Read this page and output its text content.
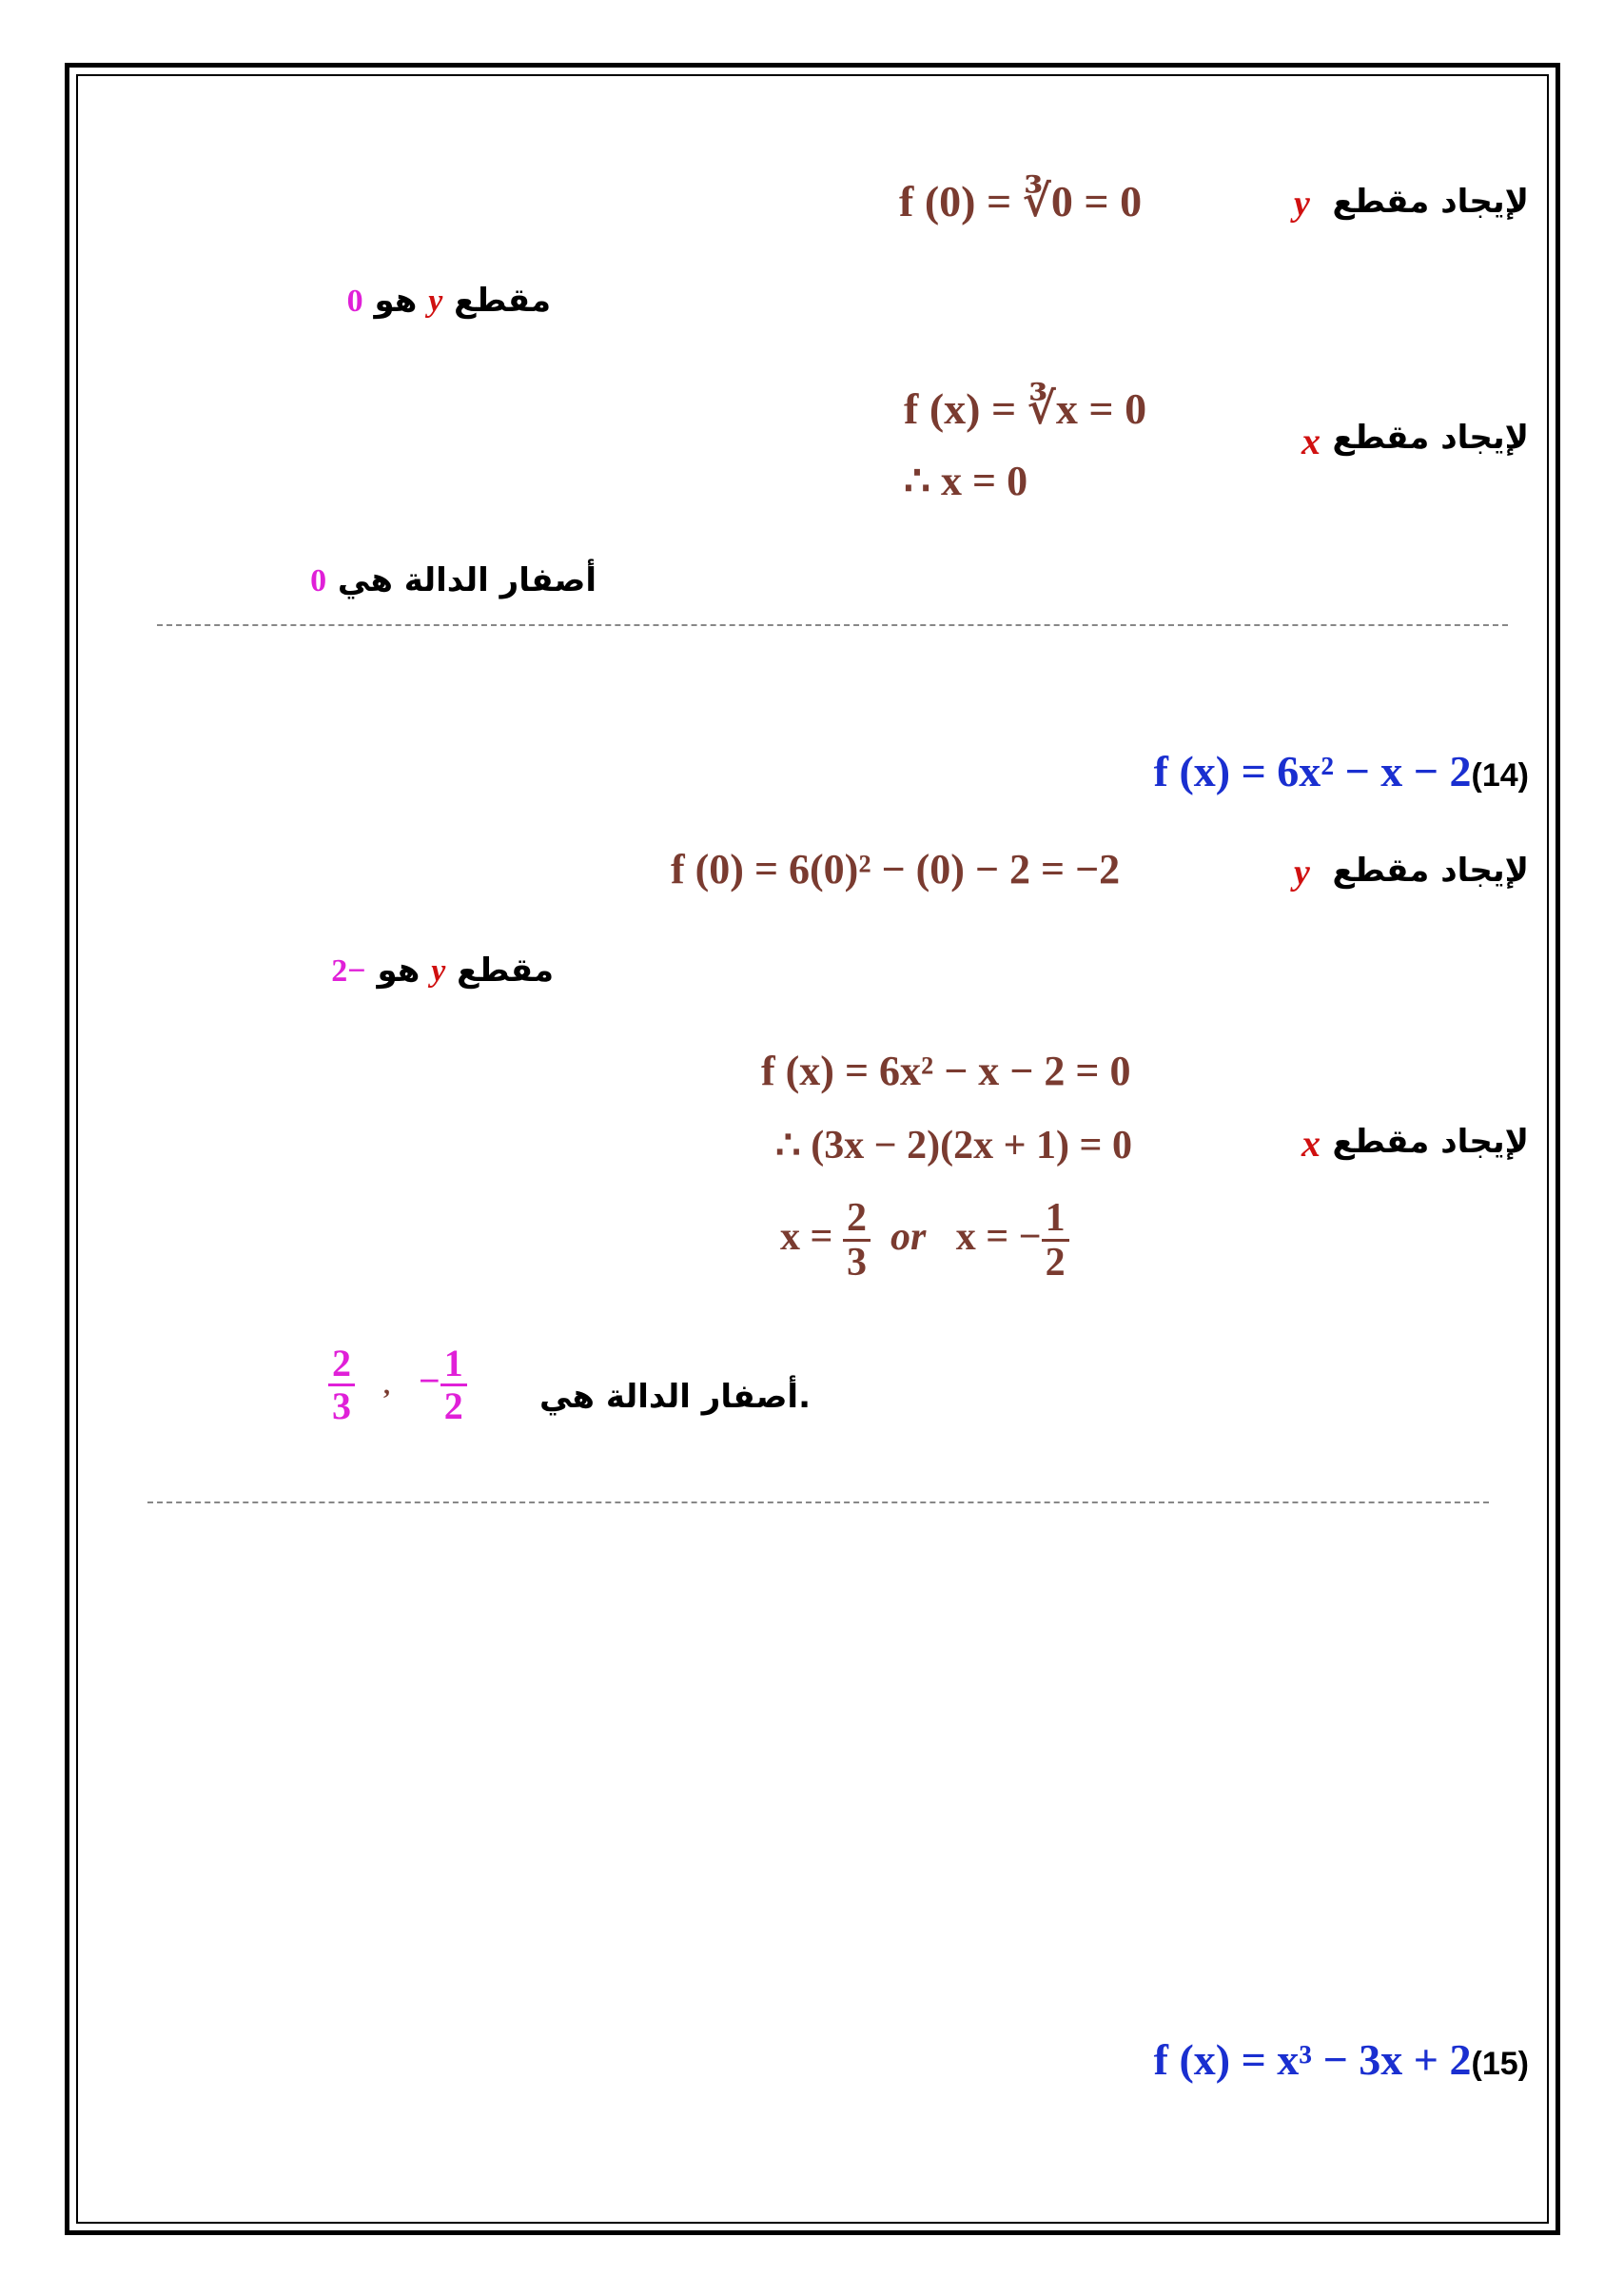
لإيجاد مقطع
y
f (0) = ∛0 = 0
مقطع y هو 0
لإيجاد مقطع
x
f (x) = ∛x = 0
∴ x = 0
أصفار الدالة هي 0
f (x) = 6x² − x − 2(14)
لإيجاد مقطع
y
f (0) = 6(0)² − (0) − 2 = −2
مقطع y هو −2
f (x) = 6x² − x − 2 = 0
لإيجاد مقطع
x
∴ (3x − 2)(2x + 1) = 0
$x = \frac{2}{3}$ or x = − $\frac{1}{2}$
.أصفار الدالة هي
$\frac{2}{3}$ , − $\frac{1}{2}$
f (x) = x³ − 3x + 2(15)
